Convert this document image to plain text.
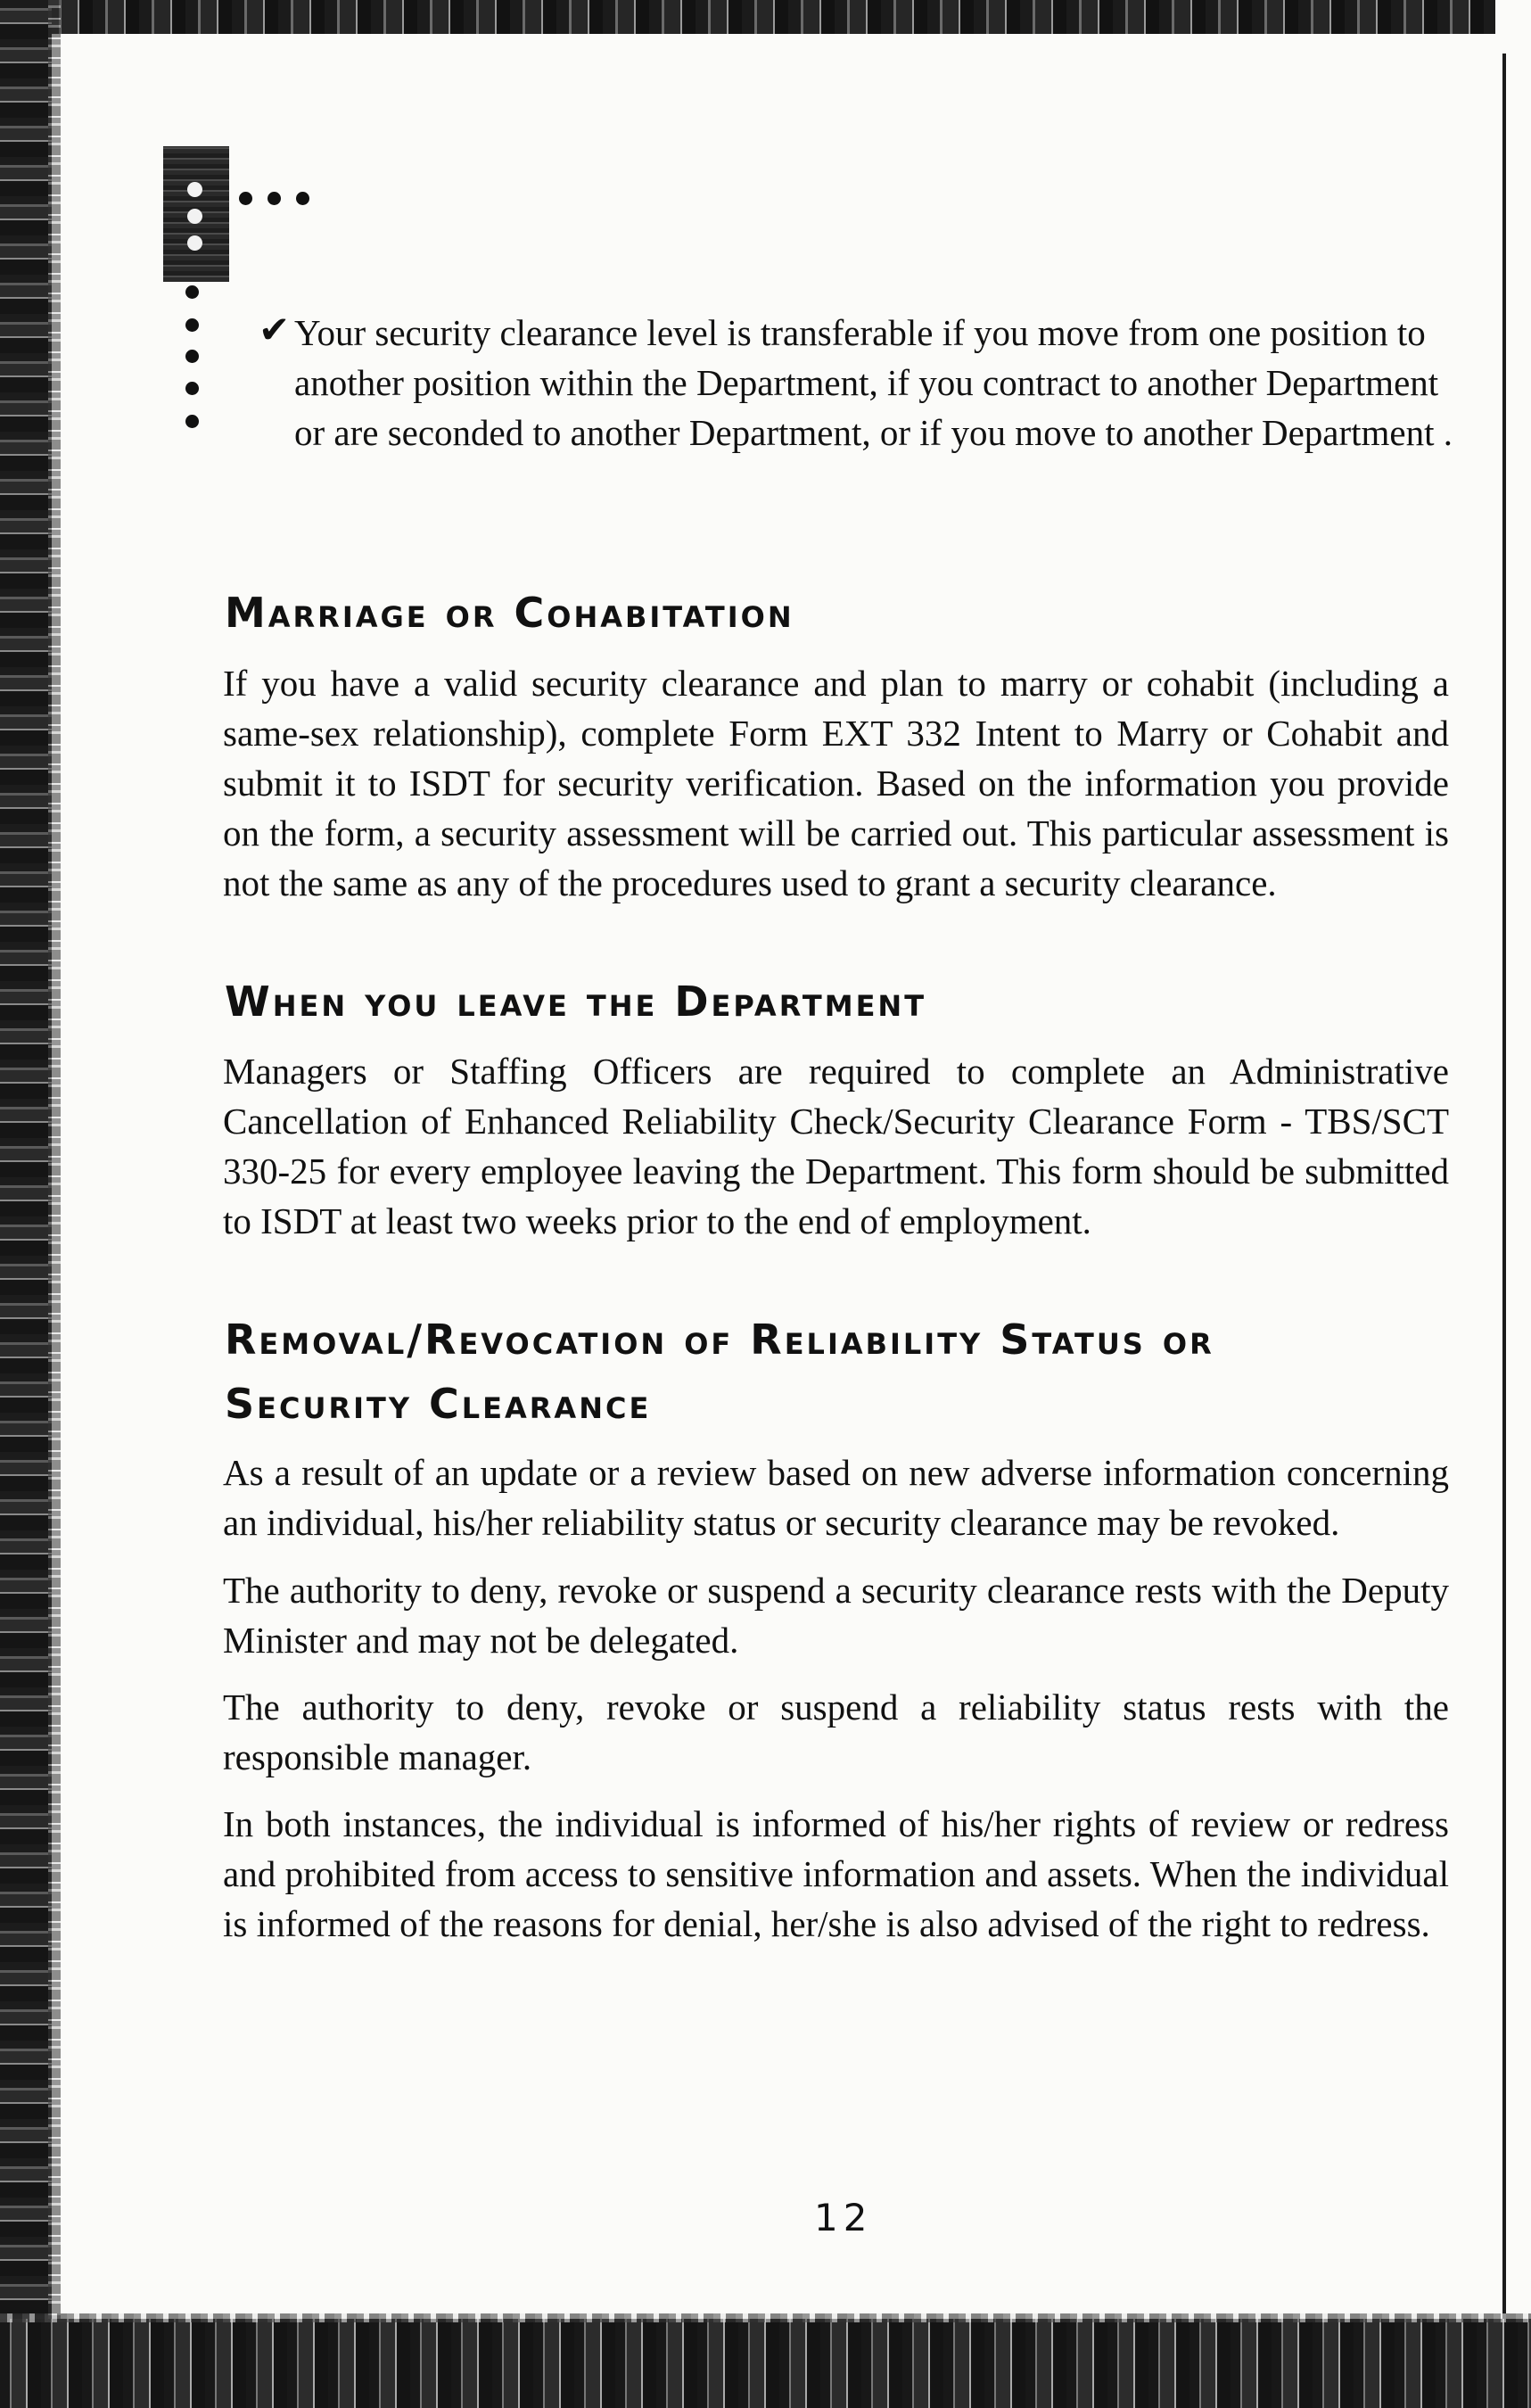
✔ Your security clearance level is transferable if you move from one position to another position within the Department, if you contract to another Department or are seconded to another Department, or if you move to another Department .

Marriage or Cohabitation

If you have a valid security clearance and plan to marry or cohabit (including a same-sex relationship), complete Form EXT 332 Intent to Marry or Cohabit and submit it to ISDT for security verification. Based on the information you provide on the form, a security assessment will be carried out. This particular assessment is not the same as any of the procedures used to grant a security clearance.

When you leave the Department

Managers or Staffing Officers are required to complete an Administrative Cancellation of Enhanced Reliability Check/Security Clearance Form - TBS/SCT 330-25 for every employee leaving the Department. This form should be submitted to ISDT at least two weeks prior to the end of employment.

Removal/Revocation of Reliability Status or
Security Clearance

As a result of an update or a review based on new adverse information concerning an individual, his/her reliability status or security clearance may be revoked.

The authority to deny, revoke or suspend a security clearance rests with the Deputy Minister and may not be delegated.

The authority to deny, revoke or suspend a reliability status rests with the responsible manager.

In both instances, the individual is informed of his/her rights of review or redress and prohibited from access to sensitive information and assets. When the individual is informed of the reasons for denial, her/she is also advised of the right to redress.

12
